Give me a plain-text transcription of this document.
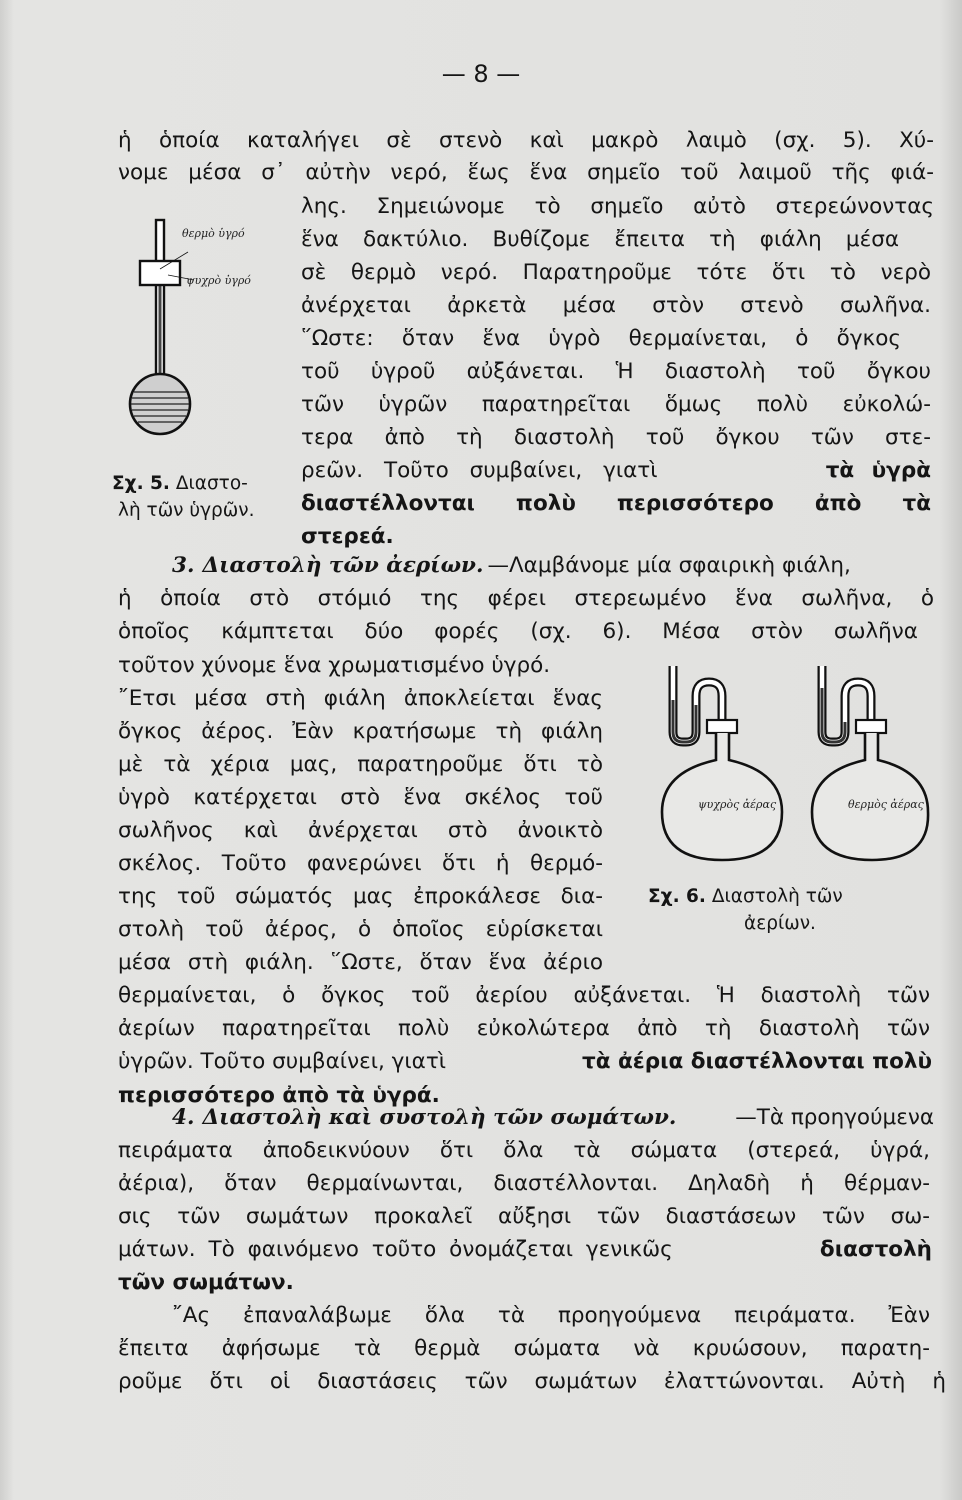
— 8 —
ἡ ὁποία καταλήγει σὲ στενὸ καὶ μακρὸ λαιμὸ (σχ. 5). Χύ-
νομε μέσα σ᾽ αὐτὴν νερό, ἕως ἕνα σημεῖο τοῦ λαιμοῦ τῆς φιά-
λης. Σημειώνομε τὸ σημεῖο αὐτὸ στερεώνοντας
ἕνα δακτύλιο. Βυθίζομε ἔπειτα τὴ φιάλη μέσα
σὲ θερμὸ νερό. Παρατηροῦμε τότε ὅτι τὸ νερὸ
ἀνέρχεται ἀρκετὰ μέσα στὸν στενὸ σωλῆνα.
῞Ωστε: ὅταν ἕνα ὑγρὸ θερμαίνεται, ὁ ὄγκος
τοῦ ὑγροῦ αὐξάνεται. Ἡ διαστολὴ τοῦ ὄγκου
τῶν ὑγρῶν παρατηρεῖται ὅμως πολὺ εὐκολώ-
τερα ἀπὸ τὴ διαστολὴ τοῦ ὄγκου τῶν στε-
ρεῶν. Τοῦτο συμβαίνει, γιατὶ	τὰ ὑγρὰ
διαστέλλονται πολὺ περισσότερο ἀπὸ τὰ
στερεά.
θερμὸ ὑγρό
ψυχρὸ ὑγρό
Σχ. 5. Διαστο-
λὴ τῶν ὑγρῶν.
3. Διαστολὴ τῶν ἀερίων. —Λαμβάνομε μία σφαιρικὴ φιάλη,
ἡ ὁποία στὸ στόμιό της φέρει στερεωμένο ἕνα σωλῆνα, ὁ
ὁποῖος κάμπτεται δύο φορές (σχ. 6). Μέσα στὸν σωλῆνα
τοῦτον χύνομε ἕνα χρωματισμένο ὑγρό.
῎Ετσι μέσα στὴ φιάλη ἀποκλείεται ἕνας
ὄγκος ἀέρος. Ἐὰν κρατήσωμε τὴ φιάλη
μὲ τὰ χέρια μας, παρατηροῦμε ὅτι τὸ
ὑγρὸ κατέρχεται στὸ ἕνα σκέλος τοῦ
σωλῆνος καὶ ἀνέρχεται στὸ ἀνοικτὸ
σκέλος. Τοῦτο φανερώνει ὅτι ἡ θερμό-
της τοῦ σώματός μας ἐπροκάλεσε δια-
στολὴ τοῦ ἀέρος, ὁ ὁποῖος εὑρίσκεται
μέσα στὴ φιάλη. ῞Ωστε, ὅταν ἕνα ἀέριο
θερμαίνεται, ὁ ὄγκος τοῦ ἀερίου αὐξάνεται. Ἡ διαστολὴ τῶν
ἀερίων παρατηρεῖται πολὺ εὐκολώτερα ἀπὸ τὴ διαστολὴ τῶν
ὑγρῶν. Τοῦτο συμβαίνει, γιατὶ	τὰ ἀέρια διαστέλλονται πολὺ
περισσότερο ἀπὸ τὰ ὑγρά.
ψυχρὸς ἀέρας	θερμὸς ἀέρας
Σχ. 6. Διαστολὴ τῶν
ἀερίων.
4. Διαστολὴ καὶ συστολὴ τῶν σωμάτων.	—Τὰ προηγούμενα
πειράματα ἀποδεικνύουν ὅτι ὅλα τὰ σώματα (στερεά, ὑγρά,
ἀέρια), ὅταν θερμαίνωνται, διαστέλλονται. Δηλαδὴ ἡ θέρμαν-
σις τῶν σωμάτων προκαλεῖ αὔξησι τῶν διαστάσεων τῶν σω-
μάτων. Τὸ φαινόμενο τοῦτο ὀνομάζεται γενικῶς	διαστολὴ
τῶν σωμάτων.
῎Ας ἐπαναλάβωμε ὅλα τὰ προηγούμενα πειράματα. Ἐὰν
ἔπειτα ἀφήσωμε τὰ θερμὰ σώματα νὰ κρυώσουν, παρατη-
ροῦμε ὅτι οἱ διαστάσεις τῶν σωμάτων ἐλαττώνονται. Αὐτὴ ἡ
